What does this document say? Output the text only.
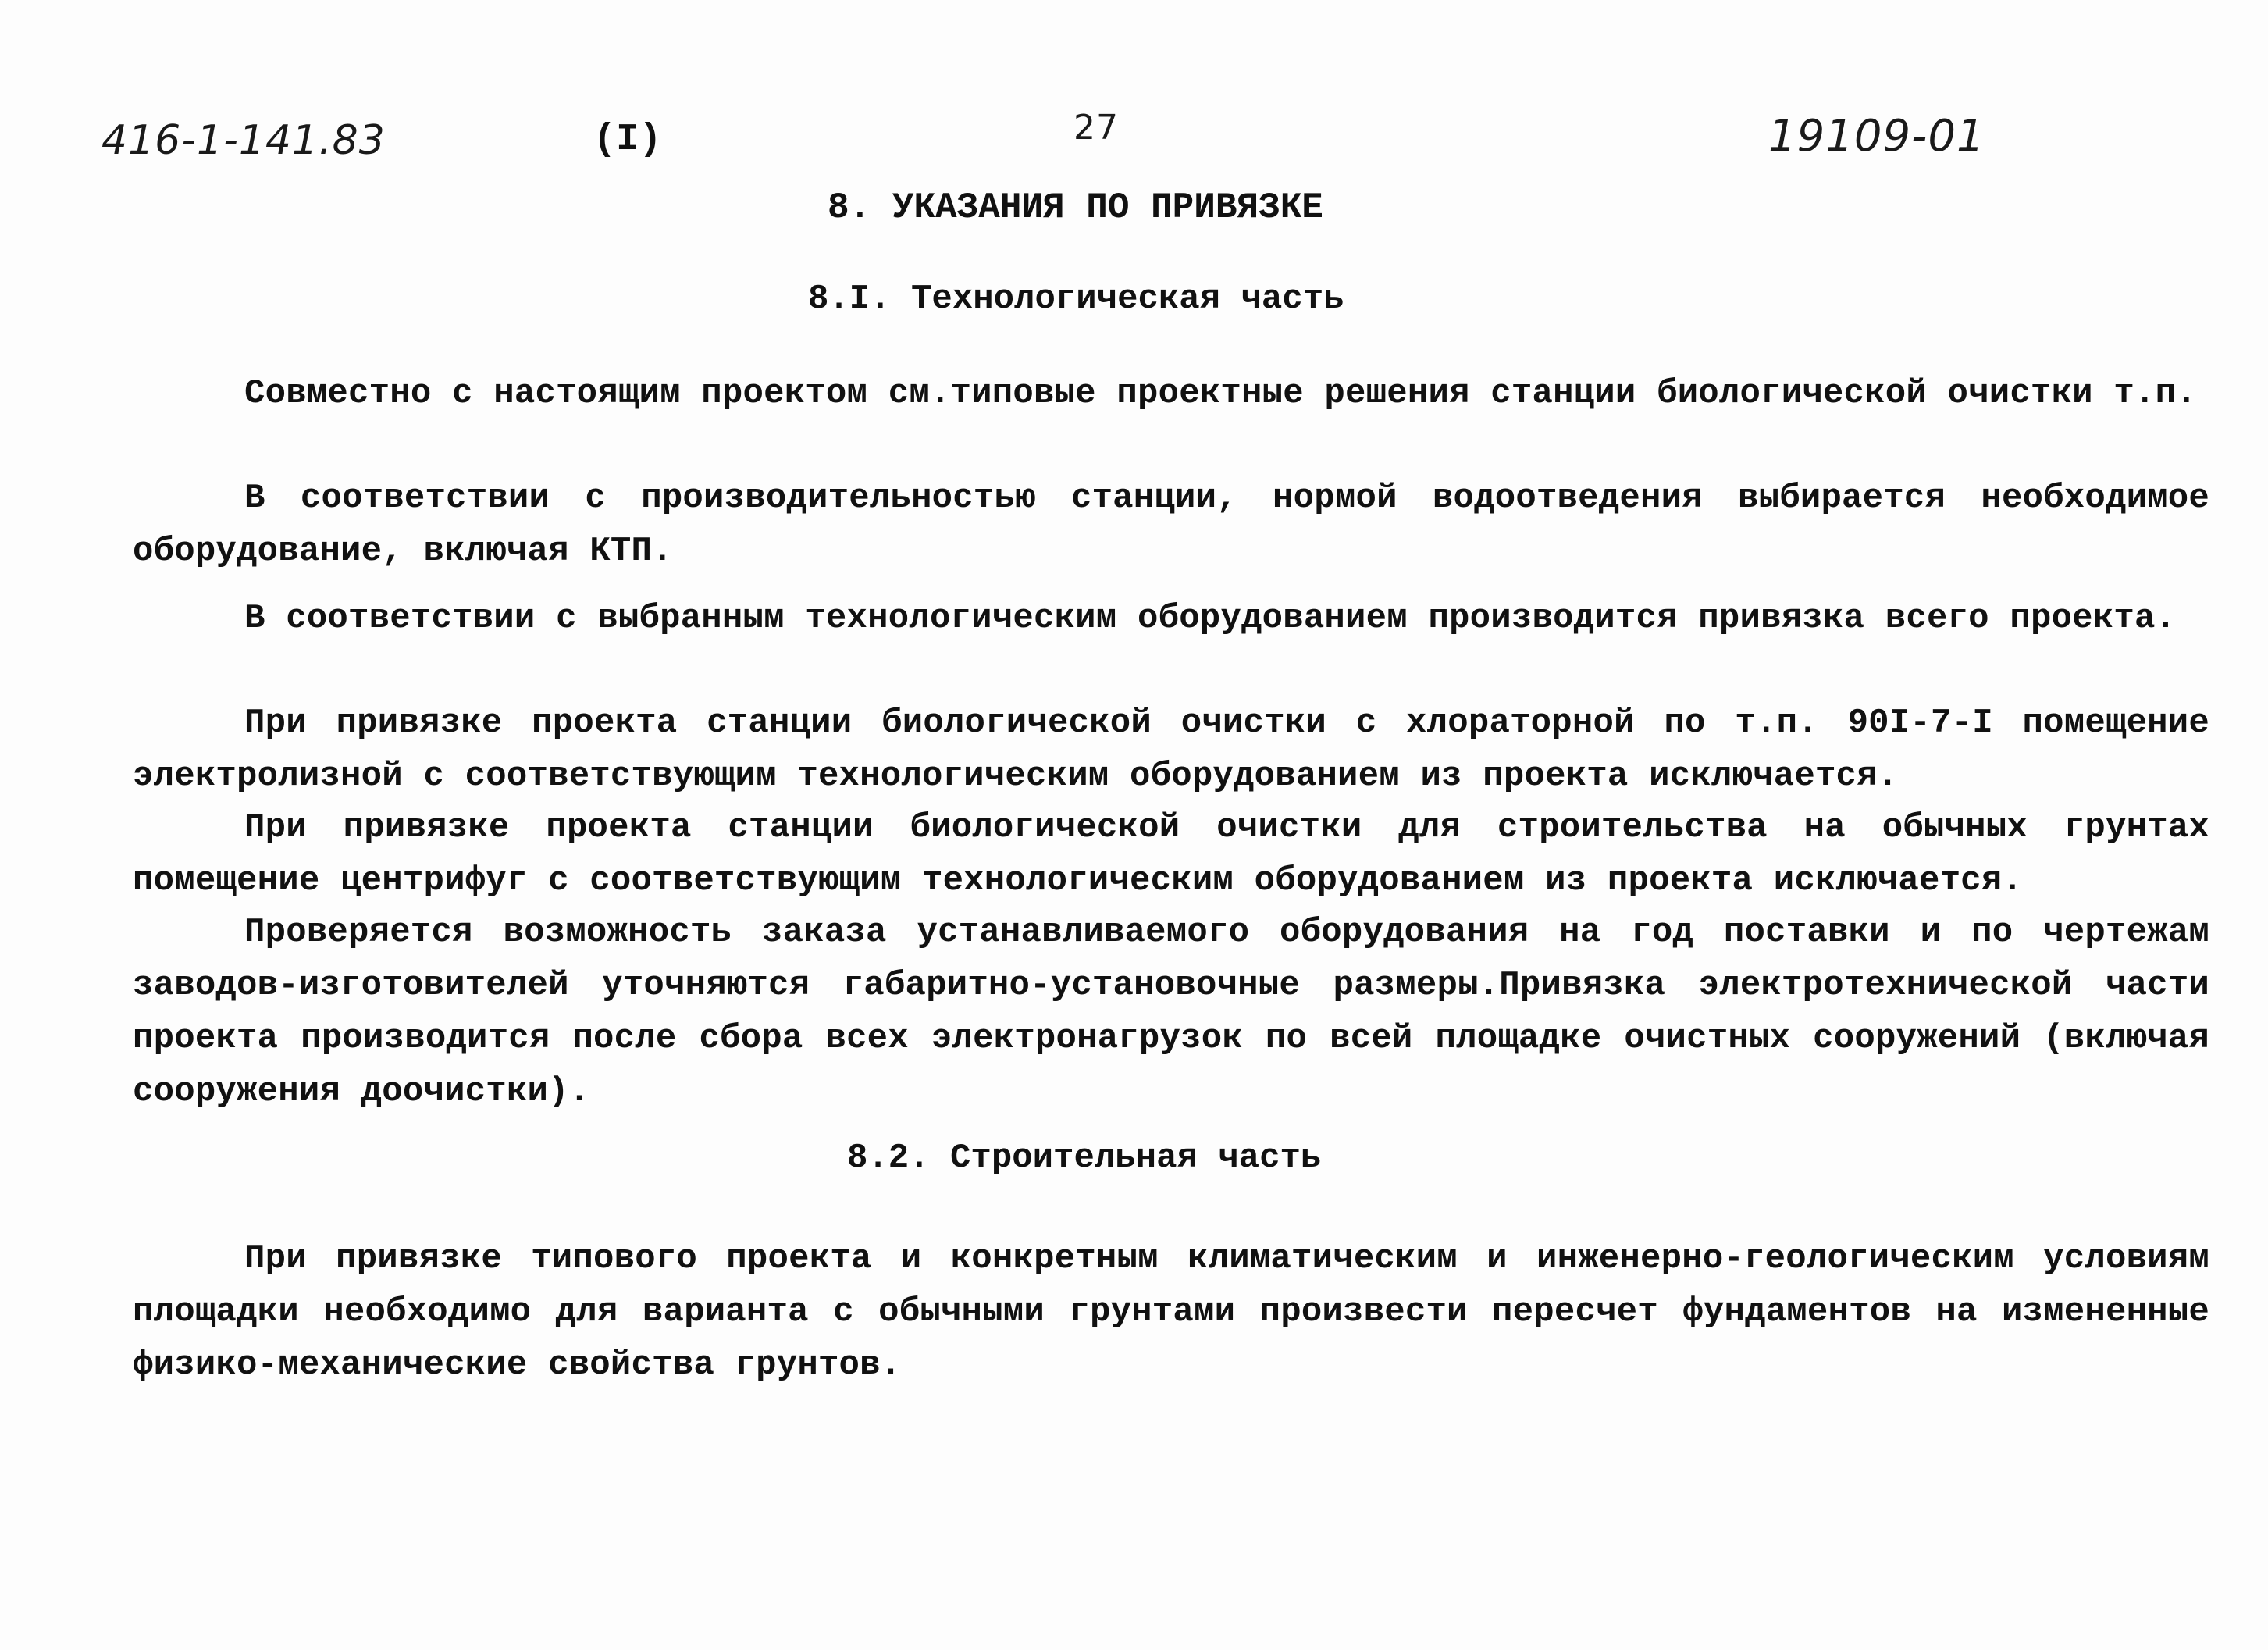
416-1-141.83	(I)	27	19109-01
8. УКАЗАНИЯ ПО ПРИВЯЗКЕ
8.I. Технологическая часть
Совместно с настоящим проектом см.типовые проектные решения станции биологической очистки т.п.
В соответствии с производительностью станции, нормой водоотведения выбирается необходимое оборудование, включая КТП.
В соответствии с выбранным технологическим оборудованием производится привязка всего проекта.
При привязке проекта станции биологической очистки с хлораторной по т.п. 90I-7-I помещение электролизной с соответствующим технологическим оборудованием из проекта исключается.
При привязке проекта станции биологической очистки для строительства на обычных грунтах помещение центрифуг с соответствующим технологическим оборудованием из проекта исключается.
Проверяется возможность заказа устанавливаемого оборудования на год поставки и по чертежам заводов-изготовителей уточняются габаритно-установочные размеры.Привязка электротехнической части проекта производится после сбора всех электронагрузок по всей площадке очистных сооружений (включая сооружения доочистки).
8.2. Строительная часть
При привязке типового проекта и конкретным климатическим и инженерно-геологическим условиям площадки необходимо для варианта с обычными грунтами произвести пересчет фундаментов на измененные физико-механические свойства грунтов.
